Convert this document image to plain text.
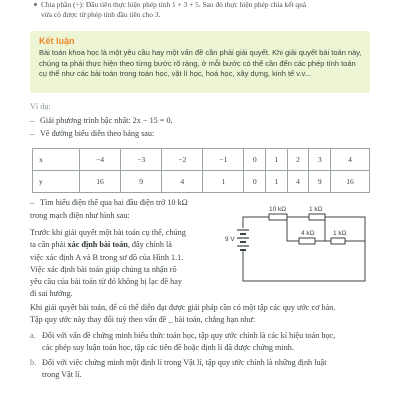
Chia phần (÷): Đầu tiên thực hiện phép tính 1 + 3 + 5. Sau đó thực hiện phép chia kết quả
vừa có được từ phép tính đầu tiên cho 3.
Kết luận
Bài toán khoa học là một yêu cầu hay một vấn đề cần phải giải quyết. Khi giải quyết bài toán này, chúng ta phải thực hiện theo từng bước rõ ràng, ở mỗi bước có thể cần đến các phép tính toán cụ thể như các bài toán trong toán học, vật lí học, hoá học, xây dựng, kinh tế v.v...
Ví dụ:
– Giải phương trình bậc nhất: 2x − 15 = 0.
– Vẽ đường biểu diễn theo bảng sau:
x	−4	−3	−2	−1	0	1	2	3	4
y	16	9	4	1	0	1	4	9	16
– Tìm hiểu điện thế qua hai đầu điện trở 10 kΩ
trong mạch điện như hình sau:
Trước khi giải quyết một bài toán cụ thể, chúng
ta cần phải xác định bài toán, đây chính là
việc xác định A và B trong sơ đồ của Hình 1.1.
Việc xác định bài toán giúp chúng ta nhận rõ
yêu cầu của bài toán từ đó không bị lạc đề hay
đi sai hướng.
10 kΩ	1 kΩ
4 kΩ	1 kΩ
9 V
Khi giải quyết bài toán, để có thể diễn đạt được giải pháp cần có một tập các quy ước cơ bản.
Tập quy ước này thay đổi tuỳ theo vấn đề _ bài toán, chẳng hạn như:
a. Đối với vấn đề chứng minh biểu thức toán học, tập quy ước chính là các kí hiệu toán học,
các phép suy luận toán học, tập các tiên đề hoặc định lí đã được chứng minh.
b. Đối với việc chứng minh một định lí trong Vật lí, tập quy ước chính là những định luật
trong Vật lí.
